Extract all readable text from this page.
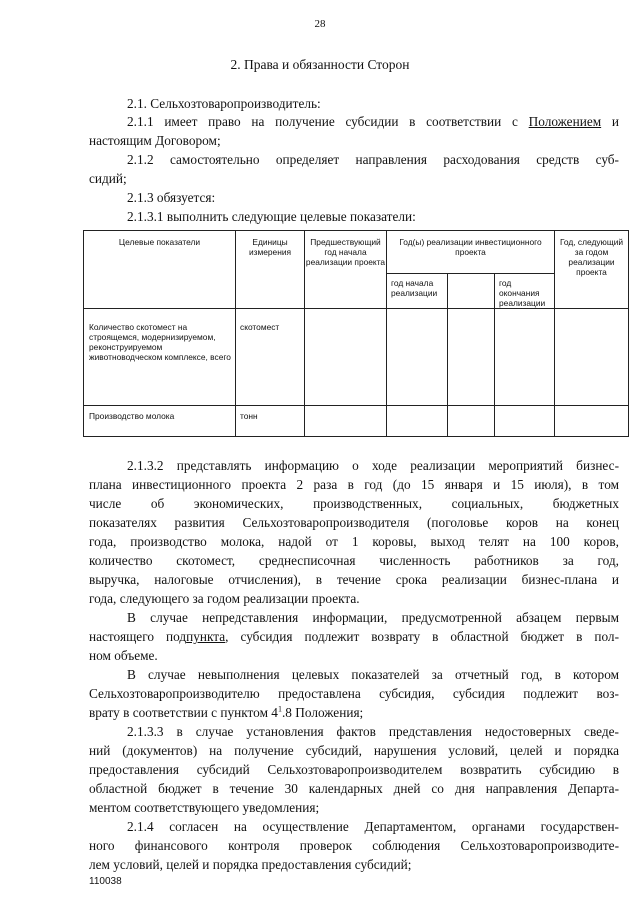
28
2. Права и обязанности Сторон
2.1. Сельхозтоваропроизводитель:
2.1.1 имеет право на получение субсидии в соответствии с Положением и
настоящим Договором;
2.1.2 самостоятельно определяет направления расходования средств суб-
сидий;
2.1.3 обязуется:
2.1.3.1 выполнить следующие целевые показатели:
Целевые показатели	Единицы измерения	Предшествующий год начала реализации проекта	Год(ы) реализации инвестиционного проекта			Год, следующий за годом реализации проекта
			год начала реализации		год окончания реализации	
Количество скотомест на строящемся, модернизируемом, реконструируемом животноводческом комплексе, всего	скотомест					
Производство молока	тонн					
2.1.3.2 представлять информацию о ходе реализации мероприятий бизнес-
плана инвестиционного проекта 2 раза в год (до 15 января и 15 июля), в том
числе об экономических, производственных, социальных, бюджетных
показателях развития Сельхозтоваропроизводителя (поголовье коров на конец
года, производство молока, надой от 1 коровы, выход телят на 100 коров,
количество скотомест, среднесписочная численность работников за год,
выручка, налоговые отчисления), в течение срока реализации бизнес-плана и
года, следующего за годом реализации проекта.
В случае непредставления информации, предусмотренной абзацем первым
настоящего подпункта, субсидия подлежит возврату в областной бюджет в пол-
ном объеме.
В случае невыполнения целевых показателей за отчетный год, в котором
Сельхозтоваропроизводителю предоставлена субсидия, субсидия подлежит воз-
врату в соответствии с пунктом $4^1.8$ Положения;
2.1.3.3 в случае установления фактов представления недостоверных сведе-
ний (документов) на получение субсидий, нарушения условий, целей и порядка
предоставления субсидий Сельхозтоваропроизводителем возвратить субсидию в
областной бюджет в течение 30 календарных дней со дня направления Департа-
ментом соответствующего уведомления;
2.1.4 согласен на осуществление Департаментом, органами государствен-
ного финансового контроля проверок соблюдения Сельхозтоваропроизводите-
лем условий, целей и порядка предоставления субсидий;
110038
